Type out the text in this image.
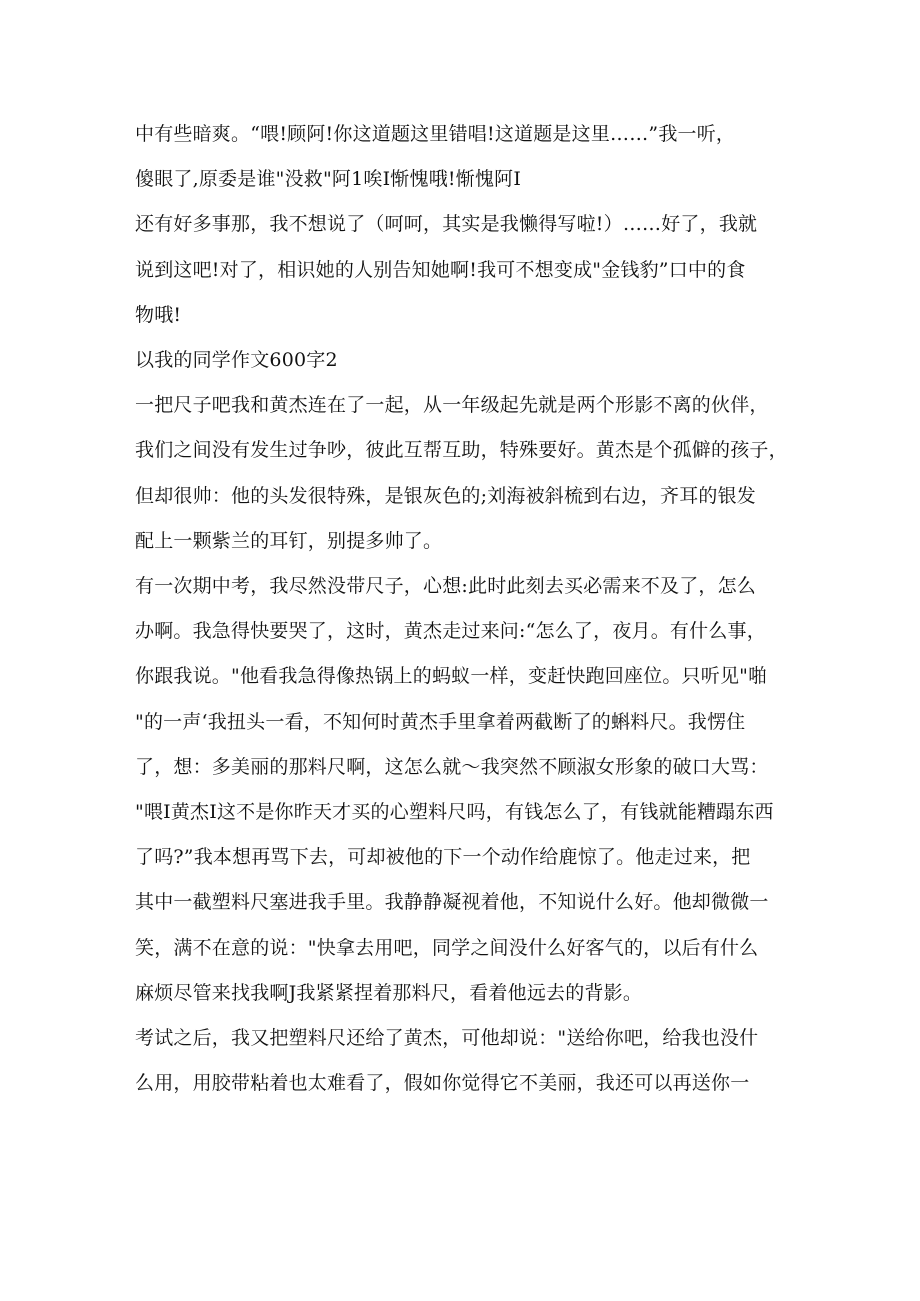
中有些暗爽。“喂!顾阿!你这道题这里错唱!这道题是这里……”我一听，
傻眼了,原委是谁"没救"阿1唉I惭愧哦!惭愧阿I

还有好多事那，我不想说了（呵呵，其实是我懒得写啦!）……好了，我就
说到这吧!对了，相识她的人别告知她啊!我可不想变成"金钱豹”口中的食
物哦!

以我的同学作文600字2

一把尺子吧我和黄杰连在了一起，从一年级起先就是两个形影不离的伙伴，
我们之间没有发生过争吵，彼此互帮互助，特殊要好。黄杰是个孤僻的孩子，
但却很帅：他的头发很特殊，是银灰色的;刘海被斜梳到右边，齐耳的银发
配上一颗紫兰的耳钉，别提多帅了。

有一次期中考，我尽然没带尺子，心想:此时此刻去买必需来不及了，怎么
办啊。我急得快要哭了，这时，黄杰走过来问:“怎么了，夜月。有什么事，
你跟我说。"他看我急得像热锅上的蚂蚁一样，变赶快跑回座位。只听见"啪
"的一声‘我扭头一看，不知何时黄杰手里拿着两截断了的蝌料尺。我愣住
了，想：多美丽的那料尺啊，这怎么就～我突然不顾淑女形象的破口大骂：
"喂I黄杰I这不是你昨天才买的心塑料尺吗，有钱怎么了，有钱就能糟蹋东西
了吗?”我本想再骂下去，可却被他的下一个动作给鹿惊了。他走过来，把
其中一截塑料尺塞进我手里。我静静凝视着他，不知说什么好。他却微微一
笑，满不在意的说："快拿去用吧，同学之间没什么好客气的，以后有什么
麻烦尽管来找我啊J我紧紧捏着那料尺，看着他远去的背影。

考试之后，我又把塑料尺还给了黄杰，可他却说："送给你吧，给我也没什
么用，用胶带粘着也太难看了，假如你觉得它不美丽，我还可以再送你一
